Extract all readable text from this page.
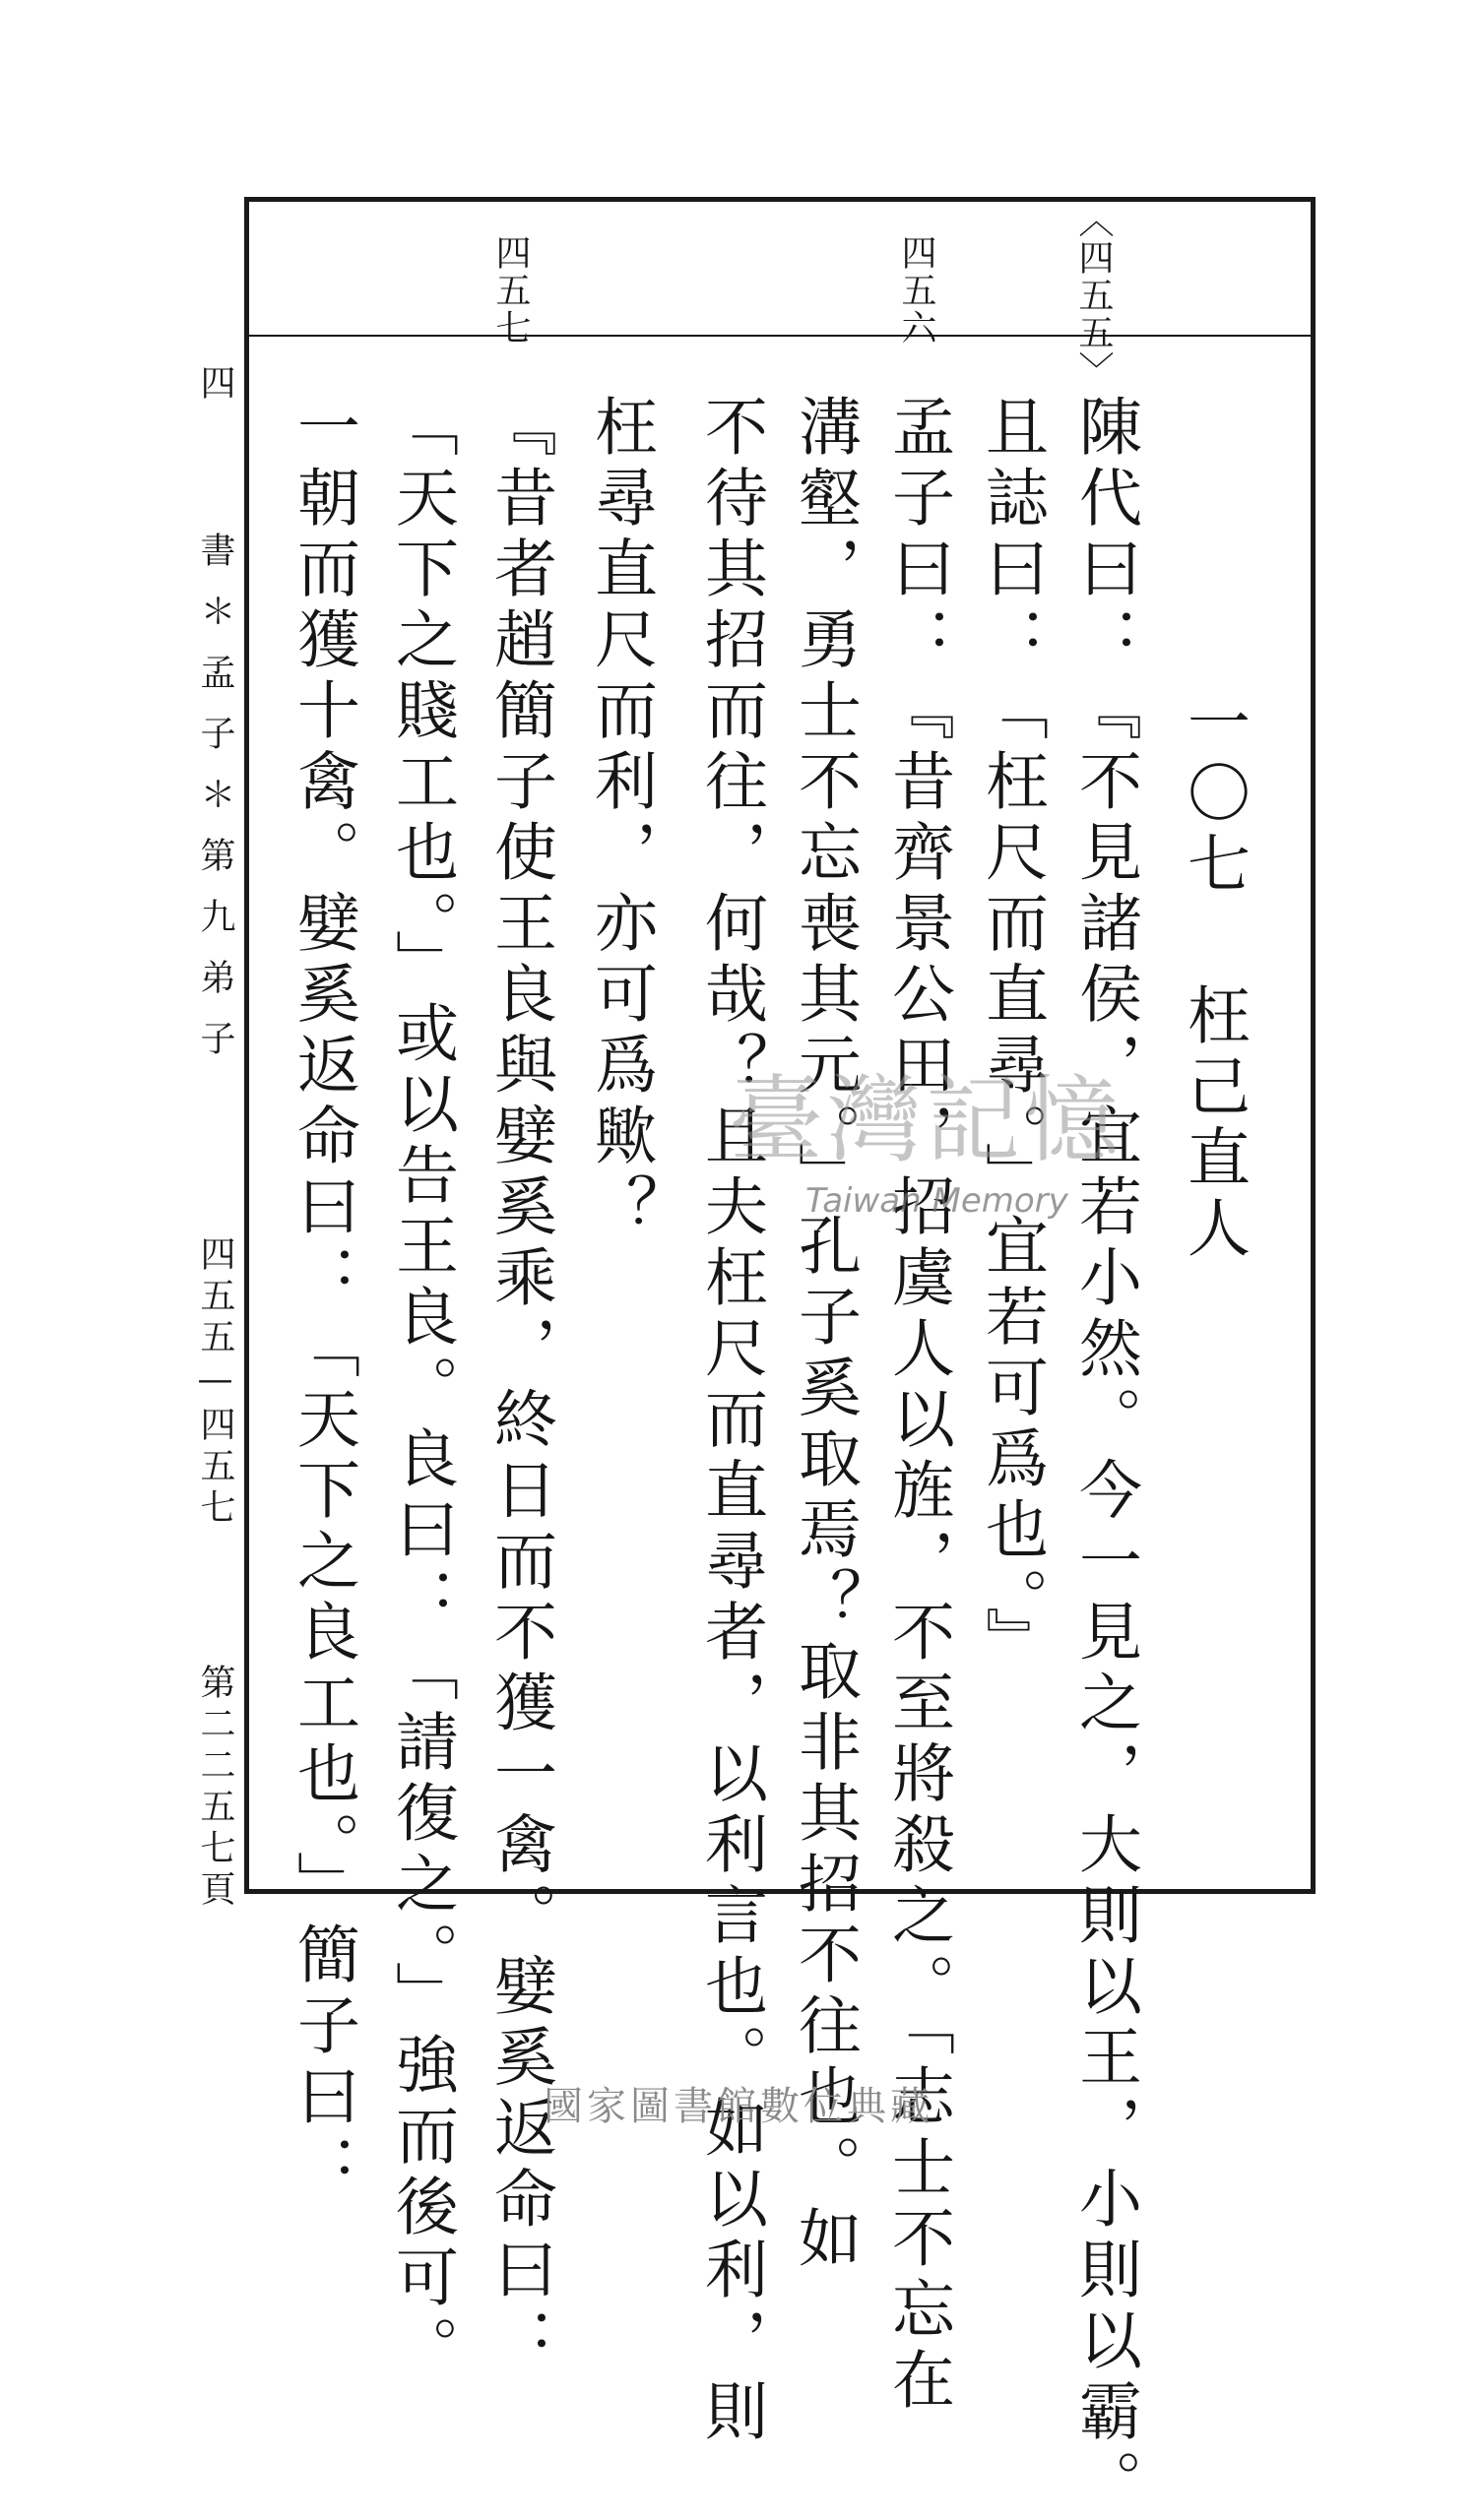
〈四五五〉
四五六
四五七
一〇七 枉己直人
陳代曰：『不見諸侯，宜若小然。今一見之，大則以王，小則以霸。
且誌曰：「枉尺而直尋。」宜若可爲也。』
孟子曰：『昔齊景公田，招虞人以旌，不至將殺之。「志士不忘在
溝壑，勇士不忘喪其元。」孔子奚取焉？取非其招不往也。如
不待其招而往，何哉？且夫枉尺而直尋者，以利言也。如以利，則
枉尋直尺而利，亦可爲歟？
『昔者趙簡子使王良與嬖奚乘，終日而不獲一禽。嬖奚返命曰：
「天下之賤工也。」或以告王良。良曰：「請復之。」強而後可。
一朝而獲十禽。嬖奚返命曰：「天下之良工也。」簡子曰：
四
書＊孟子＊第九弟子
四五五—四五七
第二二五七頁
臺灣記憶
Taiwan Memory
國家圖書館數位典藏
